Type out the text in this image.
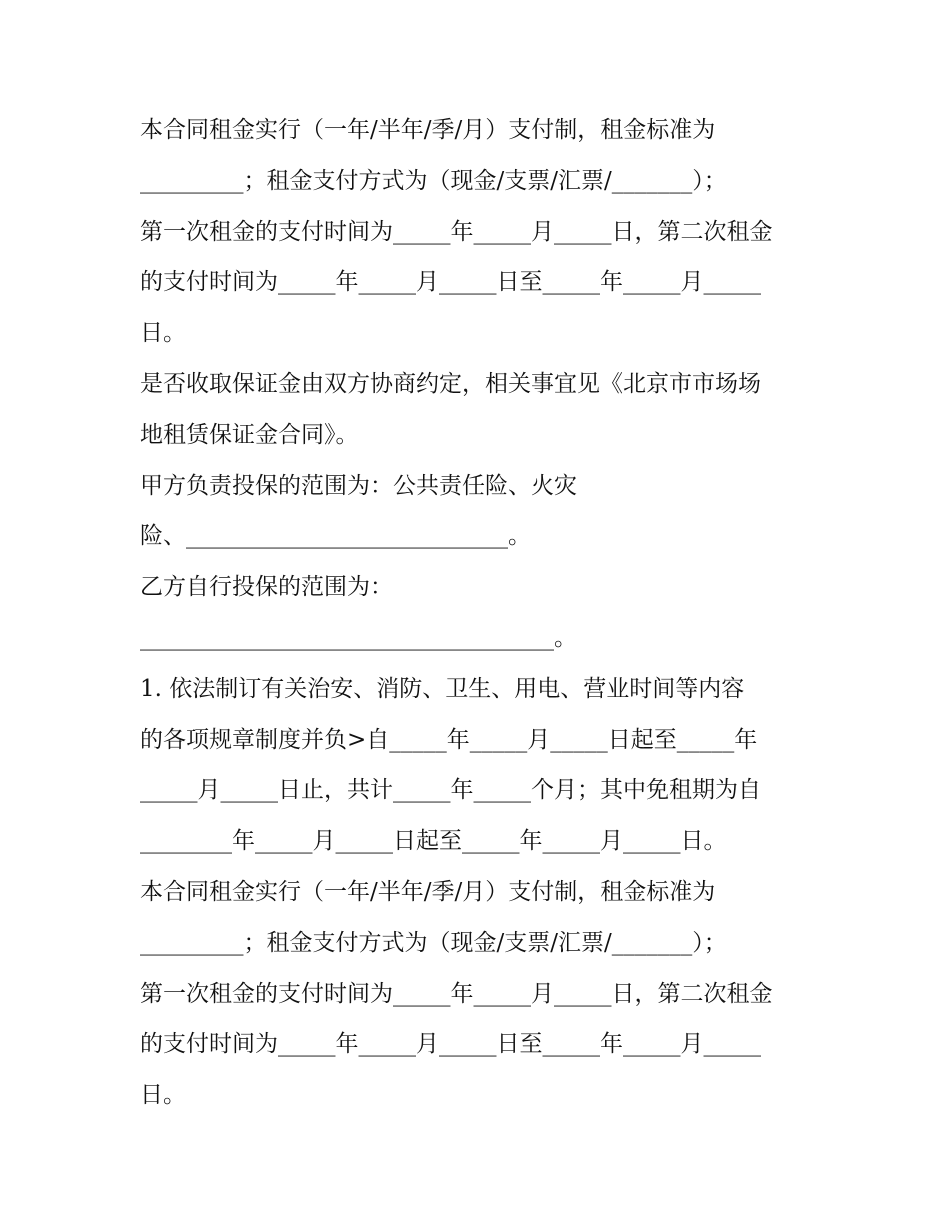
本合同租金实行（一年/半年/季/月）支付制，租金标准为
_________；租金支付方式为（现金/支票/汇票/_______）；
第一次租金的支付时间为_____年_____月_____日，第二次租金
的支付时间为_____年_____月_____日至_____年_____月_____
日。
是否收取保证金由双方协商约定，相关事宜见《北京市市场场
地租赁保证金合同》。
甲方负责投保的范围为：公共责任险、火灾
险、____________________________。
乙方自行投保的范围为：
____________________________________。
1. 依法制订有关治安、消防、卫生、用电、营业时间等内容
的各项规章制度并负>自_____年_____月_____日起至_____年
_____月_____日止，共计_____年_____个月；其中免租期为自
________年_____月_____日起至_____年_____月_____日。
本合同租金实行（一年/半年/季/月）支付制，租金标准为
_________；租金支付方式为（现金/支票/汇票/_______）；
第一次租金的支付时间为_____年_____月_____日，第二次租金
的支付时间为_____年_____月_____日至_____年_____月_____
日。
